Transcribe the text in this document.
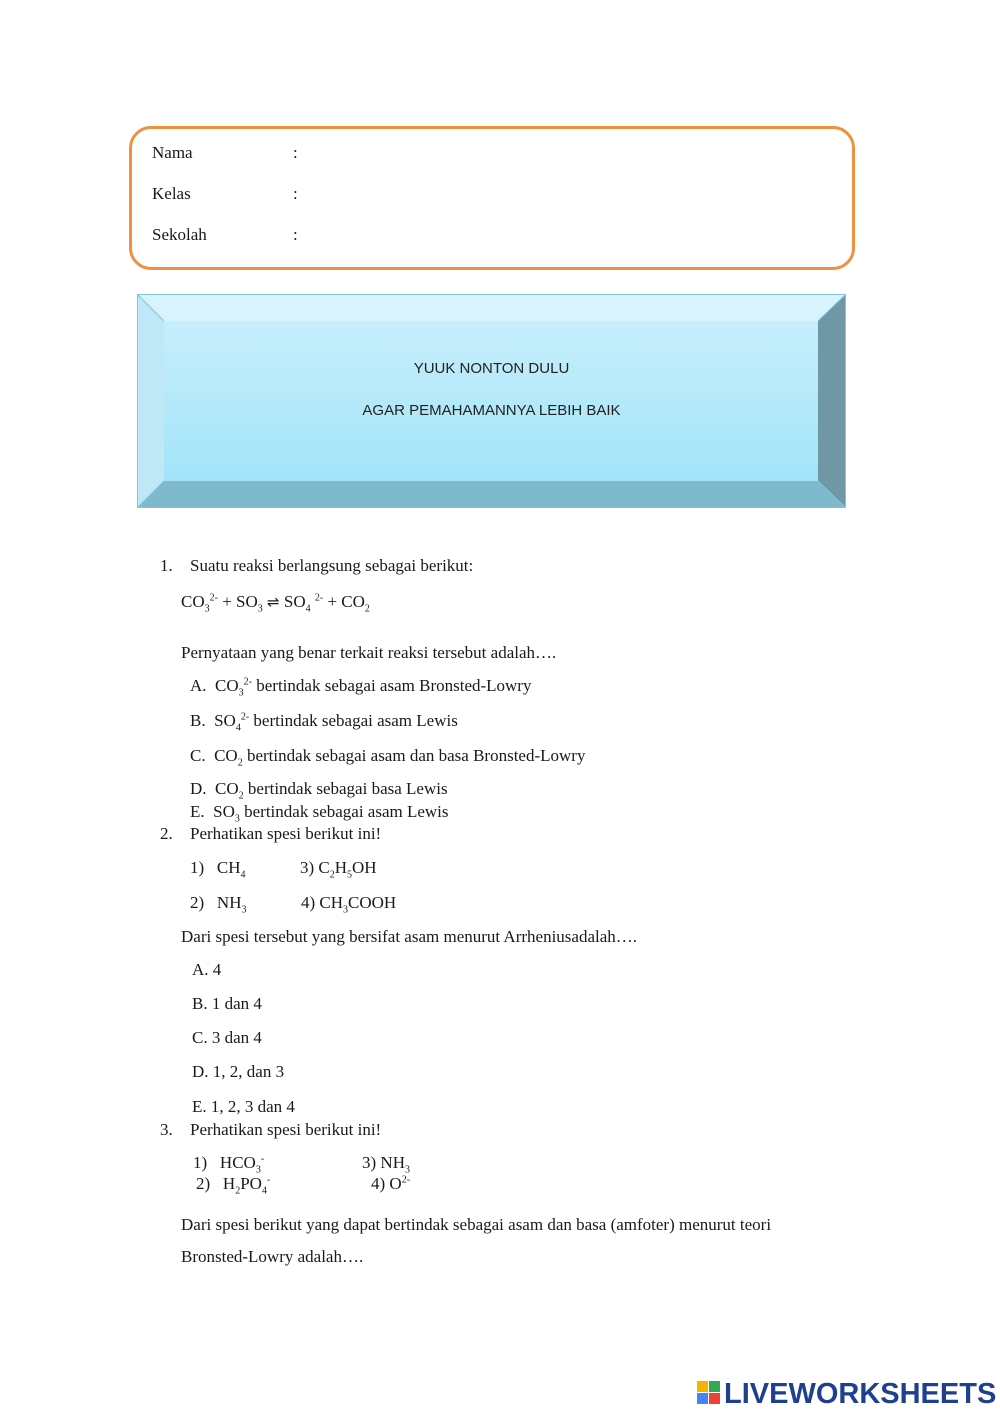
Nama	:
Kelas	:
Sekolah	:
YUUK NONTON DULU
AGAR PEMAHAMANNYA LEBIH BAIK
1. Suatu reaksi berlangsung sebagai berikut:
$CO_3^{2-} + SO_3$ ⇌ $SO_4$ $^{2-} + CO_2$
Pernyataan yang benar terkait reaksi tersebut adalah….
A.  $CO_3^{2-}$ bertindak sebagai asam Bronsted-Lowry
B.  $SO_4^{2-}$ bertindak sebagai asam Lewis
C.  $CO_2$ bertindak sebagai asam dan basa Bronsted-Lowry
D.  $CO_2$ bertindak sebagai basa Lewis
E.  $SO_3$ bertindak sebagai asam Lewis
2. Perhatikan spesi berikut ini!
1)   $CH_4$	3) $C_2H_5OH$
2)   $NH_3$	4) $CH_3COOH$
Dari spesi tersebut yang bersifat asam menurut Arrheniusadalah….
A. 4
B. 1 dan 4
C. 3 dan 4
D. 1, 2, dan 3
E. 1, 2, 3 dan 4
3. Perhatikan spesi berikut ini!
1)   $HCO_3^-$	3) $NH_3$
2)   $H_2PO_4^-$	4) $O^{2-}$
Dari spesi berikut yang dapat bertindak sebagai asam dan basa (amfoter) menurut teori
Bronsted-Lowry adalah….
LIVEWORKSHEETS
